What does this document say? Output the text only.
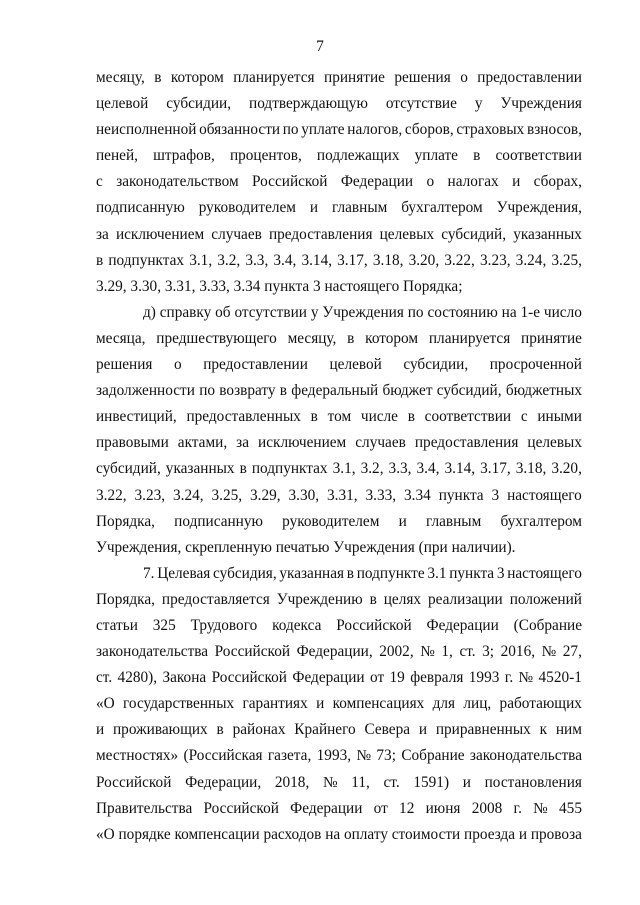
7
месяцу, в котором планируется принятие решения о предоставлении
целевой субсидии, подтверждающую отсутствие у Учреждения
неисполненной обязанности по уплате налогов, сборов, страховых взносов,
пеней, штрафов, процентов, подлежащих уплате в соответствии
с законодательством Российской Федерации о налогах и сборах,
подписанную руководителем и главным бухгалтером Учреждения,
за исключением случаев предоставления целевых субсидий, указанных
в подпунктах 3.1, 3.2, 3.3, 3.4, 3.14, 3.17, 3.18, 3.20, 3.22, 3.23, 3.24, 3.25,
3.29, 3.30, 3.31, 3.33, 3.34 пункта 3 настоящего Порядка;
д) справку об отсутствии у Учреждения по состоянию на 1-е число
месяца, предшествующего месяцу, в котором планируется принятие
решения о предоставлении целевой субсидии, просроченной
задолженности по возврату в федеральный бюджет субсидий, бюджетных
инвестиций, предоставленных в том числе в соответствии с иными
правовыми актами, за исключением случаев предоставления целевых
субсидий, указанных в подпунктах 3.1, 3.2, 3.3, 3.4, 3.14, 3.17, 3.18, 3.20,
3.22, 3.23, 3.24, 3.25, 3.29, 3.30, 3.31, 3.33, 3.34 пункта 3 настоящего
Порядка, подписанную руководителем и главным бухгалтером
Учреждения, скрепленную печатью Учреждения (при наличии).
7. Целевая субсидия, указанная в подпункте 3.1 пункта 3 настоящего
Порядка, предоставляется Учреждению в целях реализации положений
статьи 325 Трудового кодекса Российской Федерации (Собрание
законодательства Российской Федерации, 2002, № 1, ст. 3; 2016, № 27,
ст. 4280), Закона Российской Федерации от 19 февраля 1993 г. № 4520-1
«О государственных гарантиях и компенсациях для лиц, работающих
и проживающих в районах Крайнего Севера и приравненных к ним
местностях» (Российская газета, 1993, № 73; Собрание законодательства
Российской Федерации, 2018, № 11, ст. 1591) и постановления
Правительства Российской Федерации от 12 июня 2008 г. № 455
«О порядке компенсации расходов на оплату стоимости проезда и провоза
